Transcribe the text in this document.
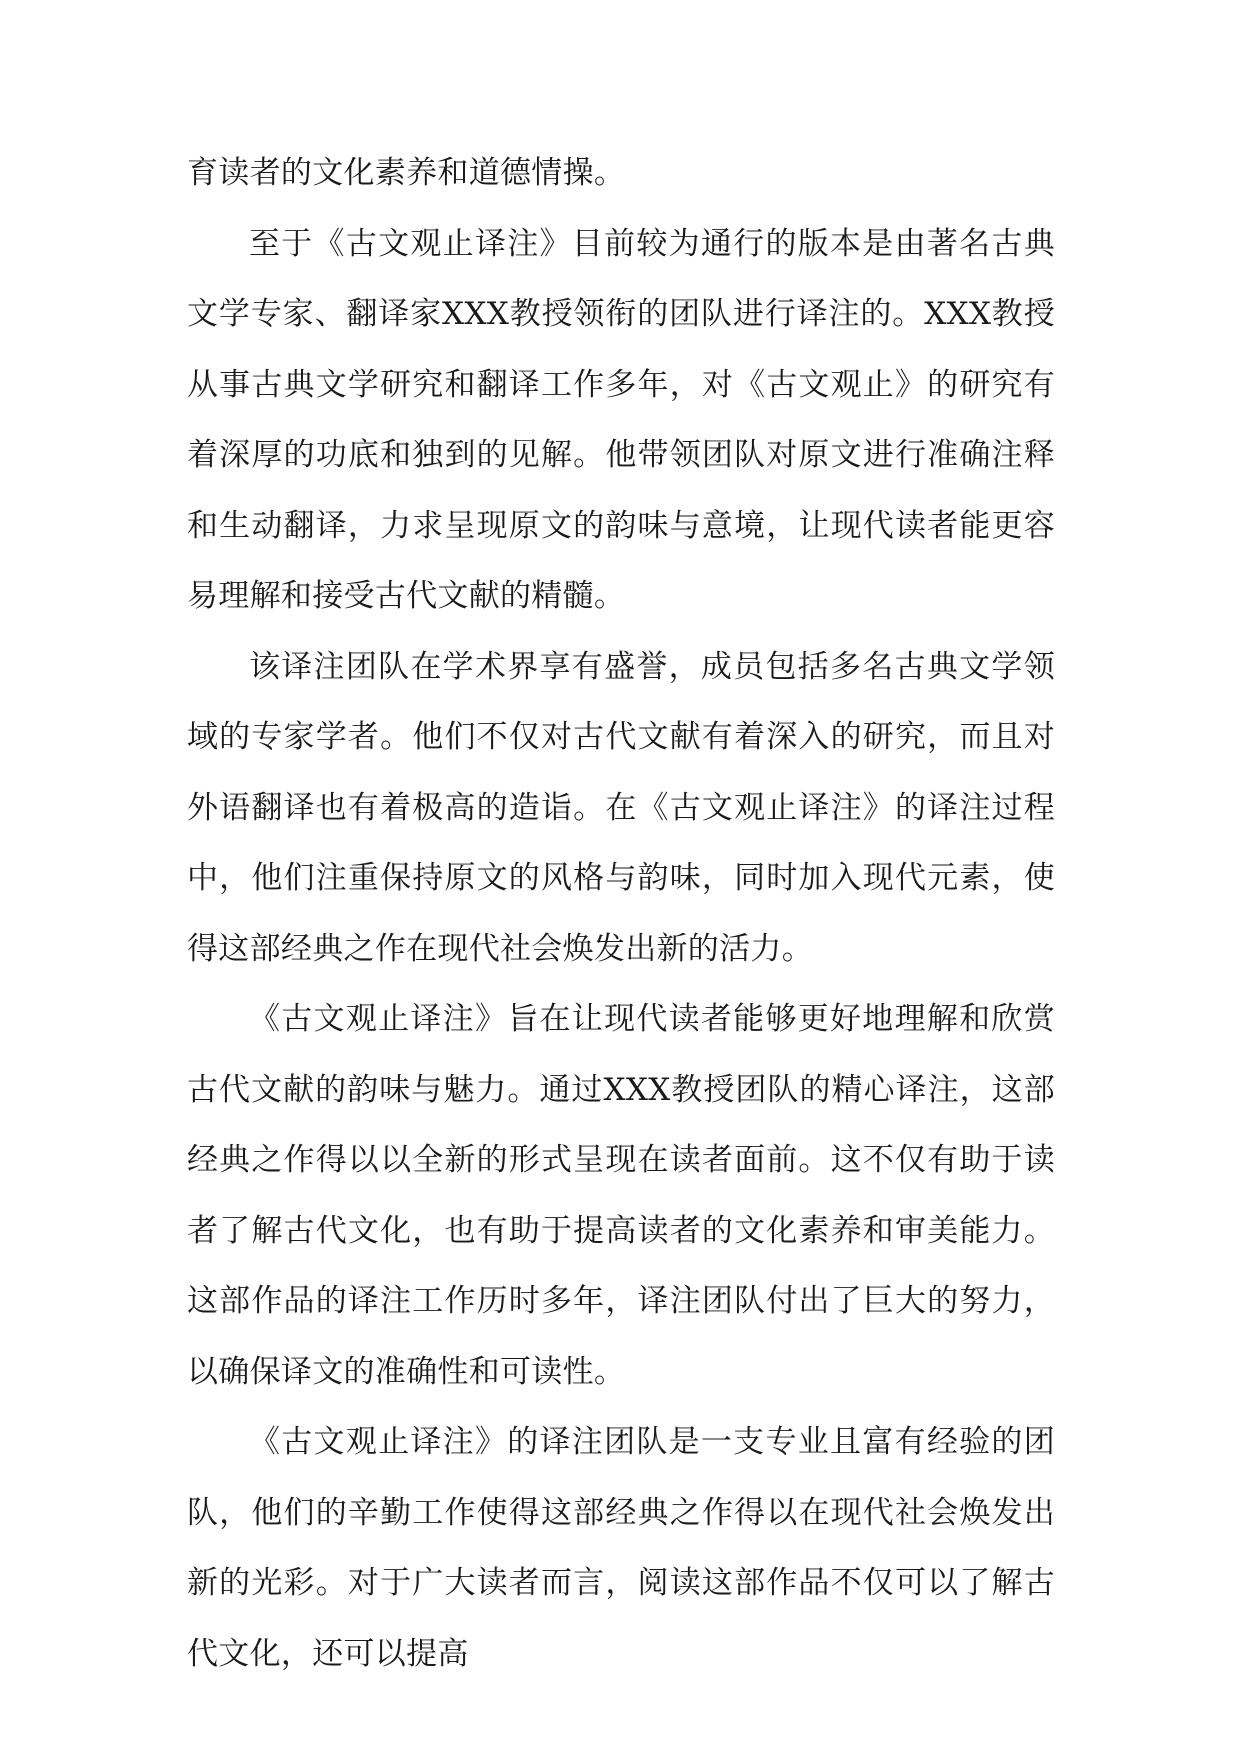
育读者的文化素养和道德情操。

至于《古文观止译注》目前较为通行的版本是由著名古典文学专家、翻译家XXX教授领衔的团队进行译注的。XXX教授从事古典文学研究和翻译工作多年，对《古文观止》的研究有着深厚的功底和独到的见解。他带领团队对原文进行准确注释和生动翻译，力求呈现原文的韵味与意境，让现代读者能更容易理解和接受古代文献的精髓。

该译注团队在学术界享有盛誉，成员包括多名古典文学领域的专家学者。他们不仅对古代文献有着深入的研究，而且对外语翻译也有着极高的造诣。在《古文观止译注》的译注过程中，他们注重保持原文的风格与韵味，同时加入现代元素，使得这部经典之作在现代社会焕发出新的活力。

《古文观止译注》旨在让现代读者能够更好地理解和欣赏古代文献的韵味与魅力。通过XXX教授团队的精心译注，这部经典之作得以以全新的形式呈现在读者面前。这不仅有助于读者了解古代文化，也有助于提高读者的文化素养和审美能力。这部作品的译注工作历时多年，译注团队付出了巨大的努力，以确保译文的准确性和可读性。

《古文观止译注》的译注团队是一支专业且富有经验的团队，他们的辛勤工作使得这部经典之作得以在现代社会焕发出新的光彩。对于广大读者而言，阅读这部作品不仅可以了解古代文化，还可以提高
